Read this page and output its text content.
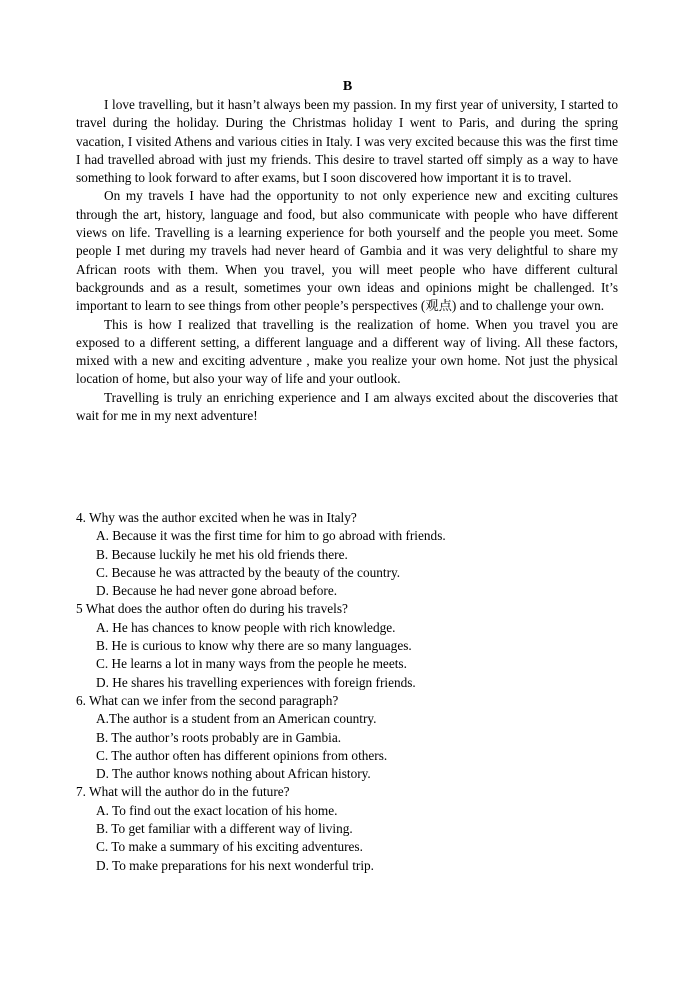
B

I love travelling, but it hasn’t always been my passion. In my first year of university, I started to travel during the holiday. During the Christmas holiday I went to Paris, and during the spring vacation, I visited Athens and various cities in Italy. I was very excited because this was the first time I had travelled abroad with just my friends. This desire to travel started off simply as a way to have something to look forward to after exams, but I soon discovered how important it is to travel.

On my travels I have had the opportunity to not only experience new and exciting cultures through the art, history, language and food, but also communicate with people who have different views on life. Travelling is a learning experience for both yourself and the people you meet. Some people I met during my travels had never heard of Gambia and it was very delightful to share my African roots with them. When you travel, you will meet people who have different cultural backgrounds and as a result, sometimes your own ideas and opinions might be challenged. It’s important to learn to see things from other people’s perspectives (观点) and to challenge your own.

This is how I realized that travelling is the realization of home. When you travel you are exposed to a different setting, a different language and a different way of living. All these factors, mixed with a new and exciting adventure , make you realize your own home. Not just the physical location of home, but also your way of life and your outlook.

Travelling is truly an enriching experience and I am always excited about the discoveries that wait for me in my next adventure!

4. Why was the author excited when he was in Italy?
A. Because it was the first time for him to go abroad with friends.
B. Because luckily he met his old friends there.
C. Because he was attracted by the beauty of the country.
D. Because he had never gone abroad before.
5 What does the author often do during his travels?
A. He has chances to know people with rich knowledge.
B. He is curious to know why there are so many languages.
C. He learns a lot in many ways from the people he meets.
D. He shares his travelling experiences with foreign friends.
6. What can we infer from the second paragraph?
A.The author is a student from an American country.
B. The author’s roots probably are in Gambia.
C. The author often has different opinions from others.
D. The author knows nothing about African history.
7. What will the author do in the future?
A. To find out the exact location of his home.
B. To get familiar with a different way of living.
C. To make a summary of his exciting adventures.
D. To make preparations for his next wonderful trip.
